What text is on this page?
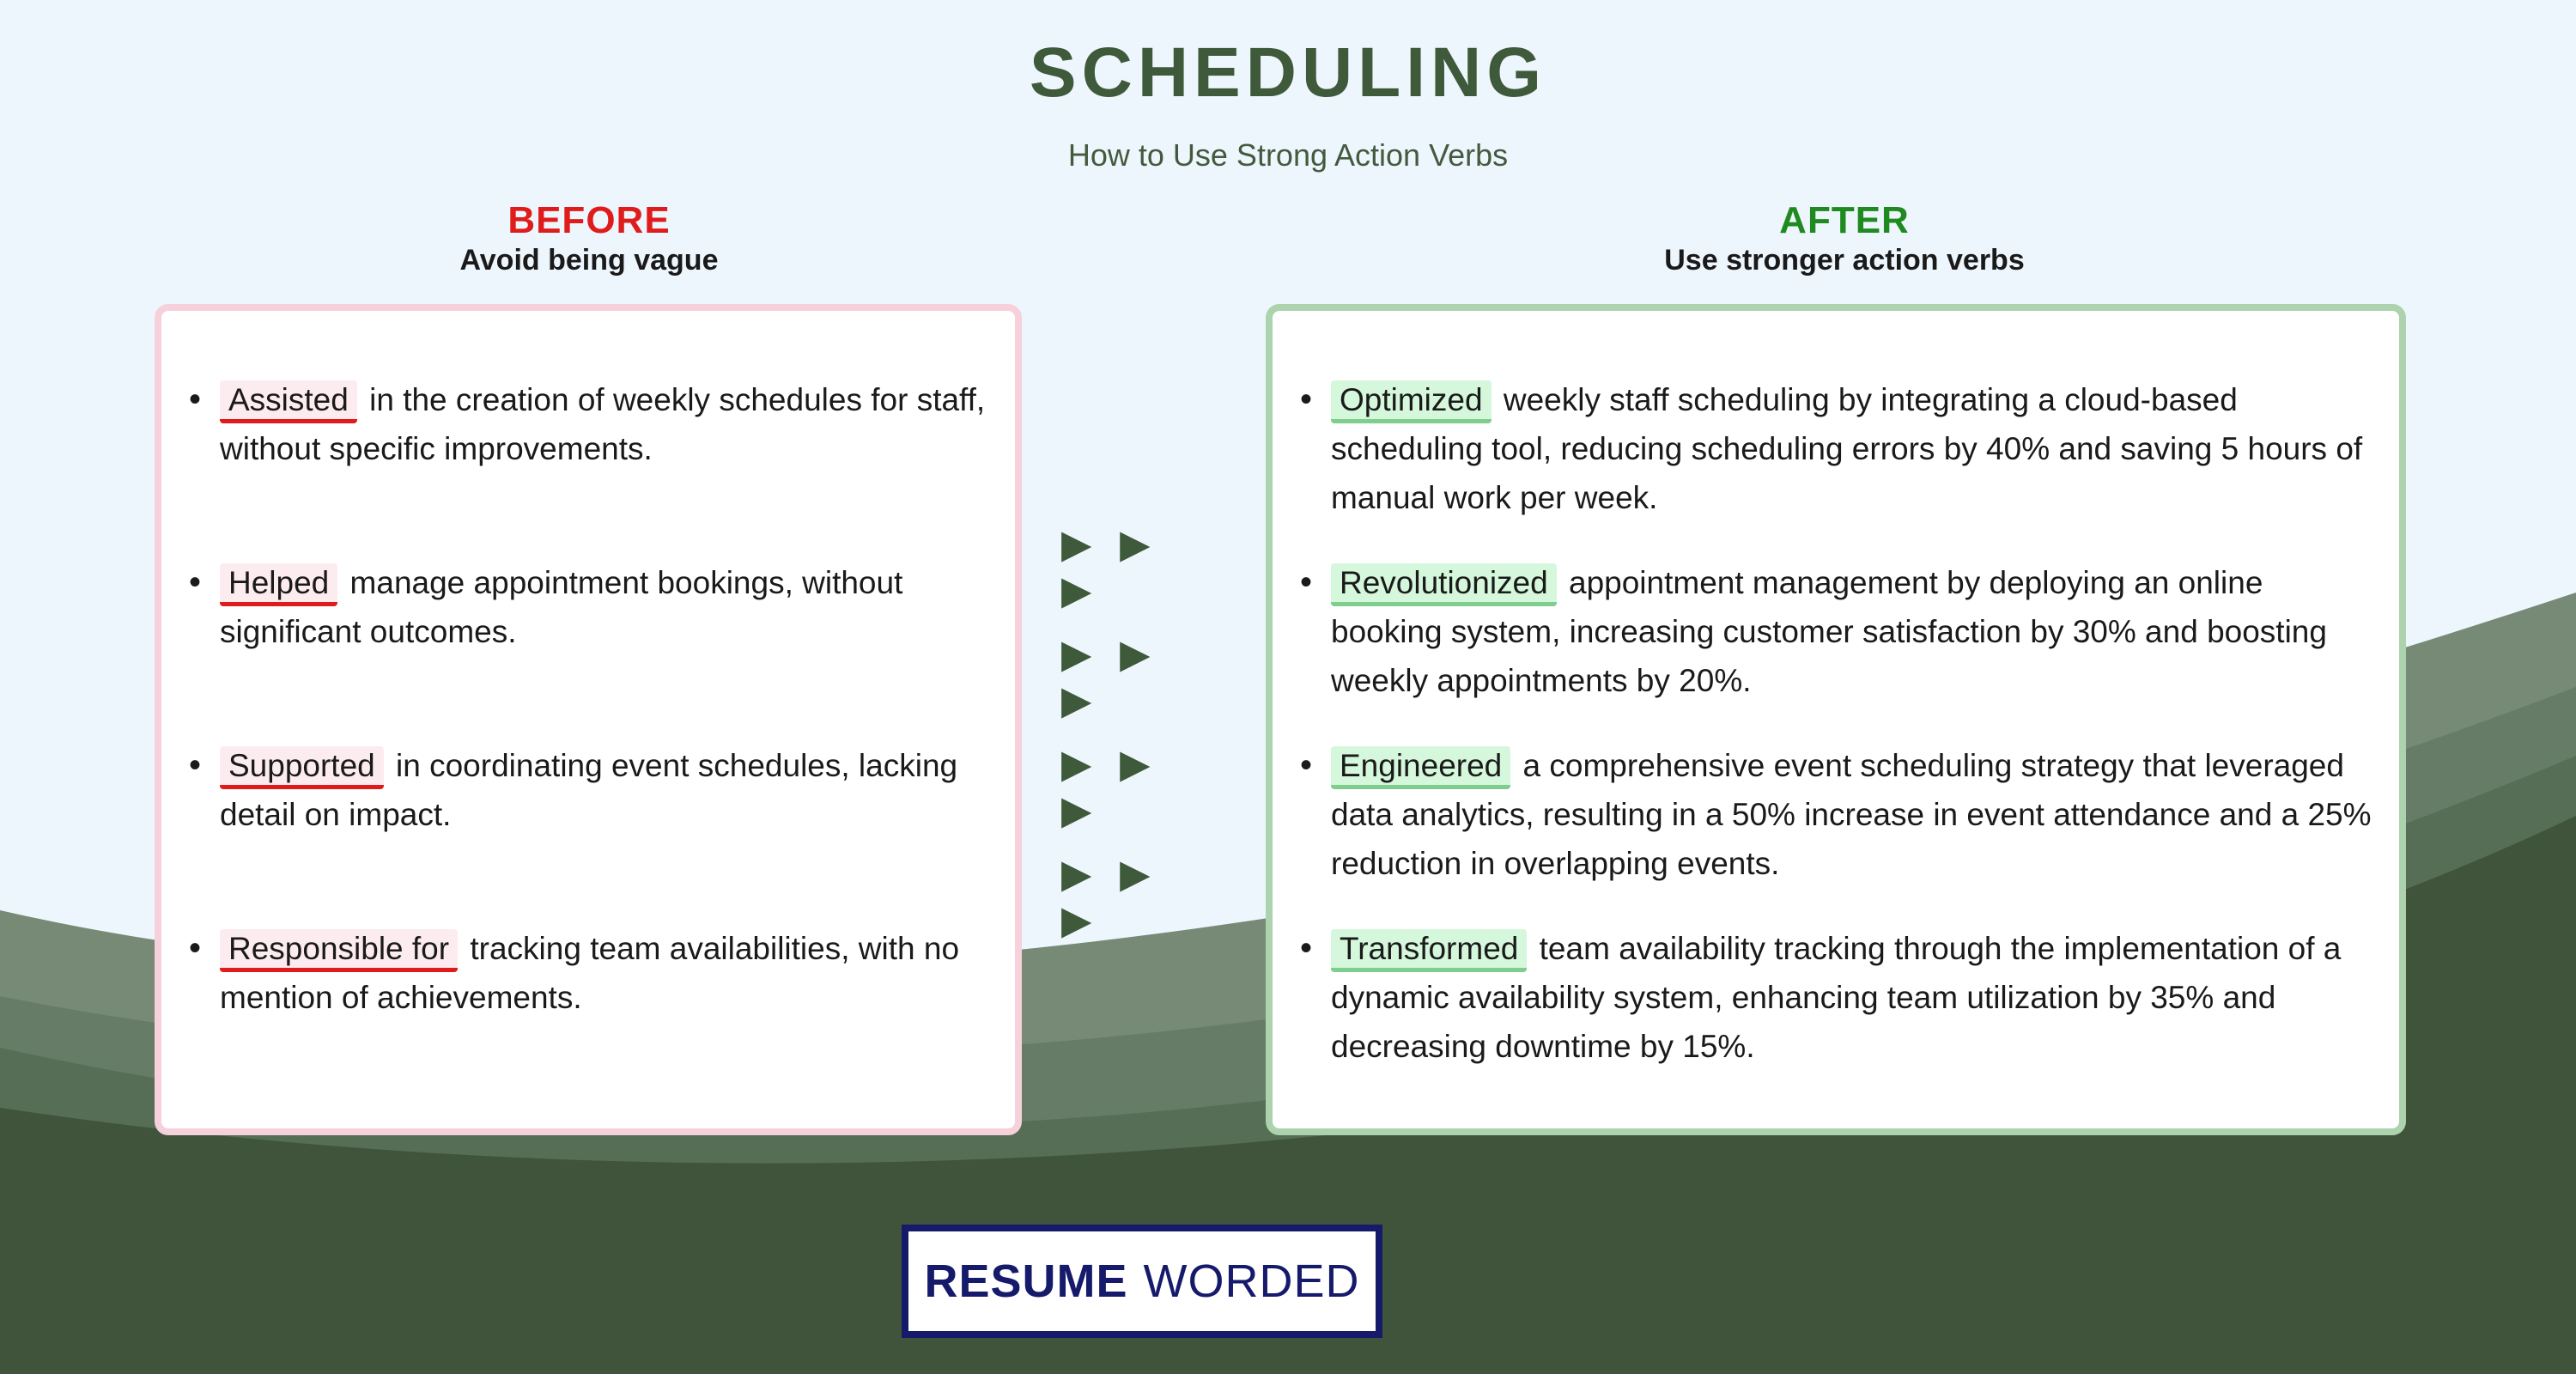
SCHEDULING
How to Use Strong Action Verbs
BEFORE
Avoid being vague
AFTER
Use stronger action verbs
• Assisted in the creation of weekly schedules for staff, without specific improvements.
• Helped manage appointment bookings, without significant outcomes.
• Supported in coordinating event schedules, lacking detail on impact.
• Responsible for tracking team availabilities, with no mention of achievements.
▶ ▶ ▶
▶ ▶ ▶
▶ ▶ ▶
▶ ▶ ▶
• Optimized weekly staff scheduling by integrating a cloud-based scheduling tool, reducing scheduling errors by 40% and saving 5 hours of manual work per week.
• Revolutionized appointment management by deploying an online booking system, increasing customer satisfaction by 30% and boosting weekly appointments by 20%.
• Engineered a comprehensive event scheduling strategy that leveraged data analytics, resulting in a 50% increase in event attendance and a 25% reduction in overlapping events.
• Transformed team availability tracking through the implementation of a dynamic availability system, enhancing team utilization by 35% and decreasing downtime by 15%.
RESUME WORDED
